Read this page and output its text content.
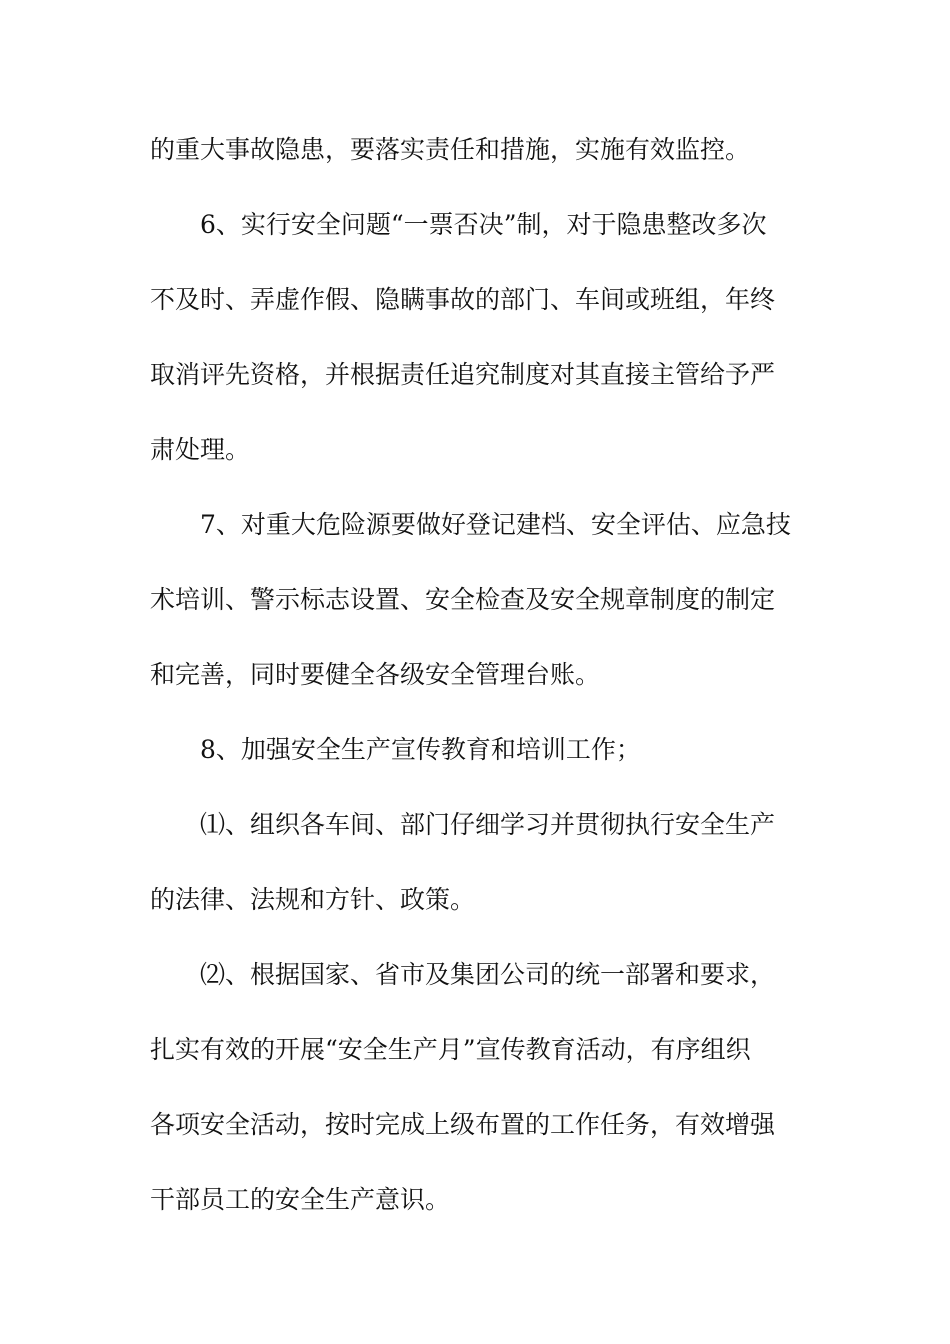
的重大事故隐患，要落实责任和措施，实施有效监控。

6、实行安全问题“一票否决”制，对于隐患整改多次

不及时、弄虚作假、隐瞒事故的部门、车间或班组，年终

取消评先资格，并根据责任追究制度对其直接主管给予严

肃处理。

7、对重大危险源要做好登记建档、安全评估、应急技

术培训、警示标志设置、安全检查及安全规章制度的制定

和完善，同时要健全各级安全管理台账。

8、加强安全生产宣传教育和培训工作；

⑴、组织各车间、部门仔细学习并贯彻执行安全生产

的法律、法规和方针、政策。

⑵、根据国家、省市及集团公司的统一部署和要求，

扎实有效的开展“安全生产月”宣传教育活动，有序组织

各项安全活动，按时完成上级布置的工作任务，有效增强

干部员工的安全生产意识。
